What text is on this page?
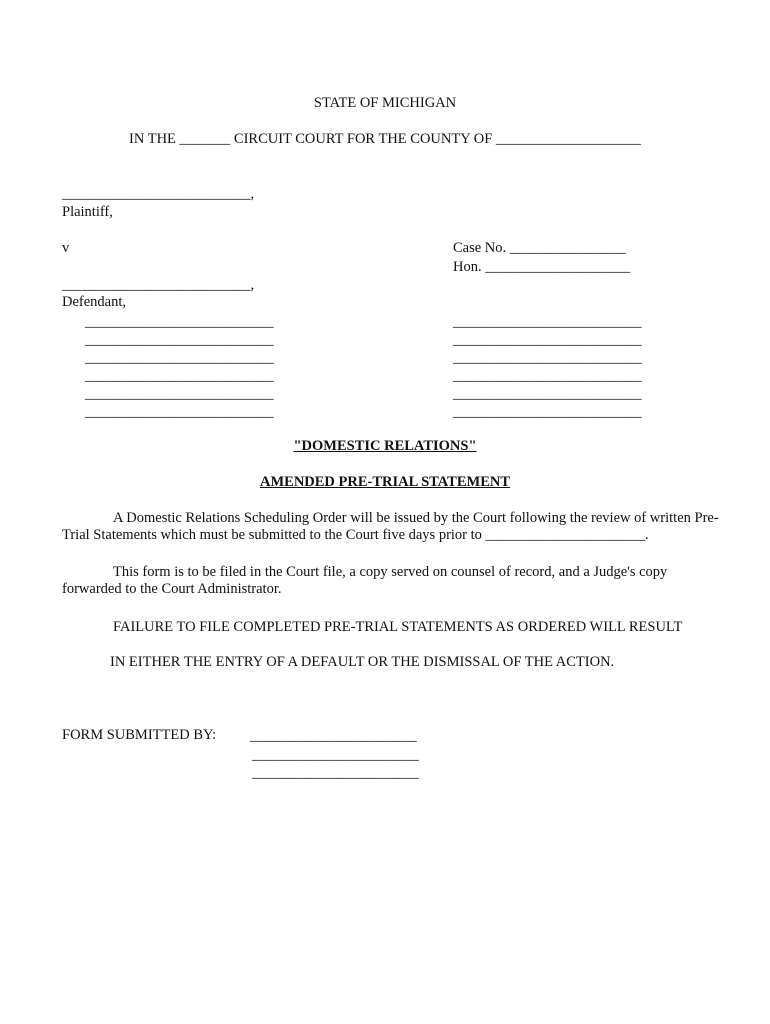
STATE OF MICHIGAN
IN THE _______ CIRCUIT COURT FOR THE COUNTY OF ____________________
__________________________,
Plaintiff,
v
__________________________,
Defendant,
Case No. ________________
Hon. ____________________
__________________________
__________________________
__________________________
__________________________
__________________________
__________________________
__________________________
__________________________
__________________________
__________________________
__________________________
__________________________
"DOMESTIC RELATIONS"
AMENDED PRE-TRIAL STATEMENT
A Domestic Relations Scheduling Order will be issued by the Court following the review of written Pre-Trial Statements which must be submitted to the Court five days prior to ______________________.
This form is to be filed in the Court file, a copy served on counsel of record, and a Judge's copy forwarded to the Court Administrator.
FAILURE TO FILE COMPLETED PRE-TRIAL STATEMENTS AS ORDERED WILL RESULT
IN EITHER THE ENTRY OF A DEFAULT OR THE DISMISSAL OF THE ACTION.
FORM SUBMITTED BY: _______________________
_______________________
_______________________
